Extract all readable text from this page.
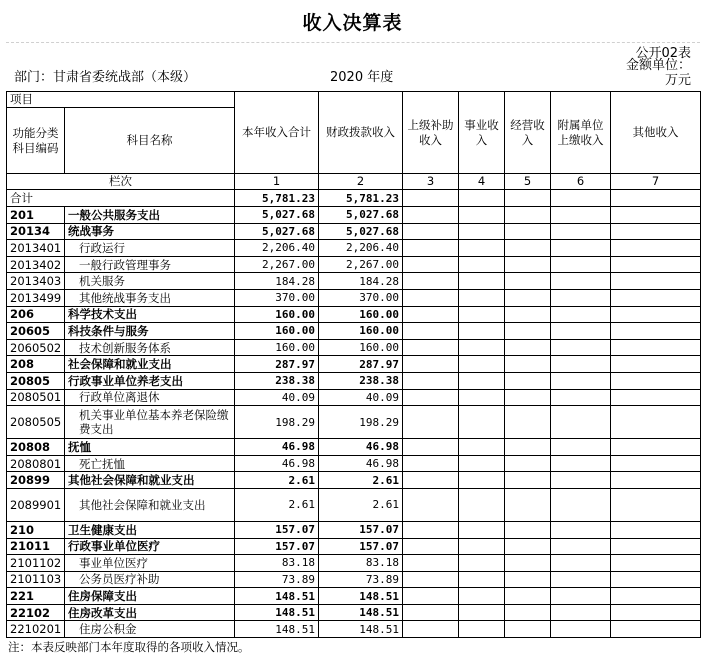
收入决算表
公开02表
部门：甘肃省委统战部（本级）	2020 年度
金额单位：
万元
项目		本年收入合计	财政拨款收入	上级补助收入	事业收入	经营收入	附属单位上缴收入	其他收入
功能分类科目编码	科目名称							
栏次		1	2	3	4	5	6	7
合计		5,781.23	5,781.23					
201	一般公共服务支出	5,027.68	5,027.68					
20134	统战事务	5,027.68	5,027.68					
2013401	行政运行	2,206.40	2,206.40					
2013402	一般行政管理事务	2,267.00	2,267.00					
2013403	机关服务	184.28	184.28					
2013499	其他统战事务支出	370.00	370.00					
206	科学技术支出	160.00	160.00					
20605	科技条件与服务	160.00	160.00					
2060502	技术创新服务体系	160.00	160.00					
208	社会保障和就业支出	287.97	287.97					
20805	行政事业单位养老支出	238.38	238.38					
2080501	行政单位离退休	40.09	40.09					
2080505	机关事业单位基本养老保险缴费支出	198.29	198.29					
20808	抚恤	46.98	46.98					
2080801	死亡抚恤	46.98	46.98					
20899	其他社会保障和就业支出	2.61	2.61					
2089901	其他社会保障和就业支出	2.61	2.61					
210	卫生健康支出	157.07	157.07					
21011	行政事业单位医疗	157.07	157.07					
2101102	事业单位医疗	83.18	83.18					
2101103	公务员医疗补助	73.89	73.89					
221	住房保障支出	148.51	148.51					
22102	住房改革支出	148.51	148.51					
2210201	住房公积金	148.51	148.51					
注：本表反映部门本年度取得的各项收入情况。
